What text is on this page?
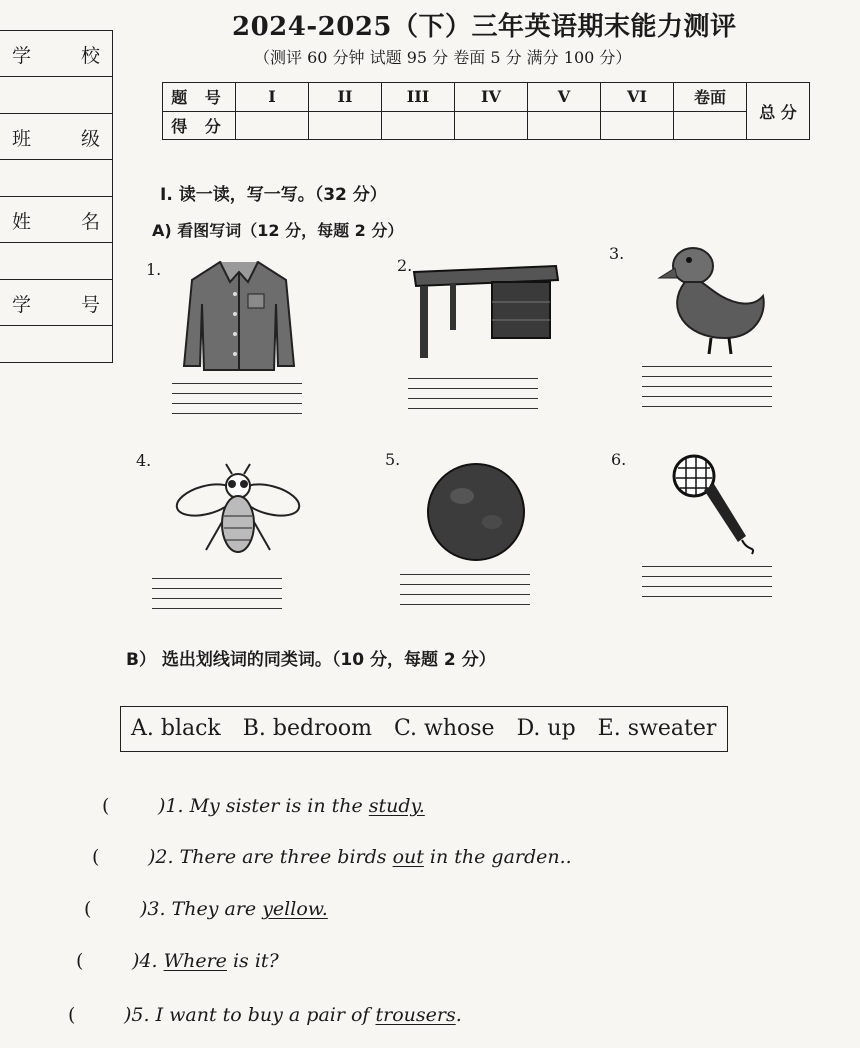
2024-2025（下）三年英语期末能力测评
（测评 60 分钟 试题 95 分 卷面 5 分 满分 100 分）
学	校
班	级
姓	名
学	号
题 号	I	II	III	IV	V	VI	卷面	总 分
得 分								
I. 读一读，写一写。（32 分）
A) 看图写词（12 分，每题 2 分）
1.	2.
3.
4.	5.	6.
B） 选出划线词的同类词。（10 分，每题 2 分）
A. black B. bedroom C. whose D. up E. sweater
(	)1. My sister is in the study.
(	)2. There are three birds out in the garden..
(	)3. They are yellow.
(	)4. Where is it?
(	)5. I want to buy a pair of trousers.
